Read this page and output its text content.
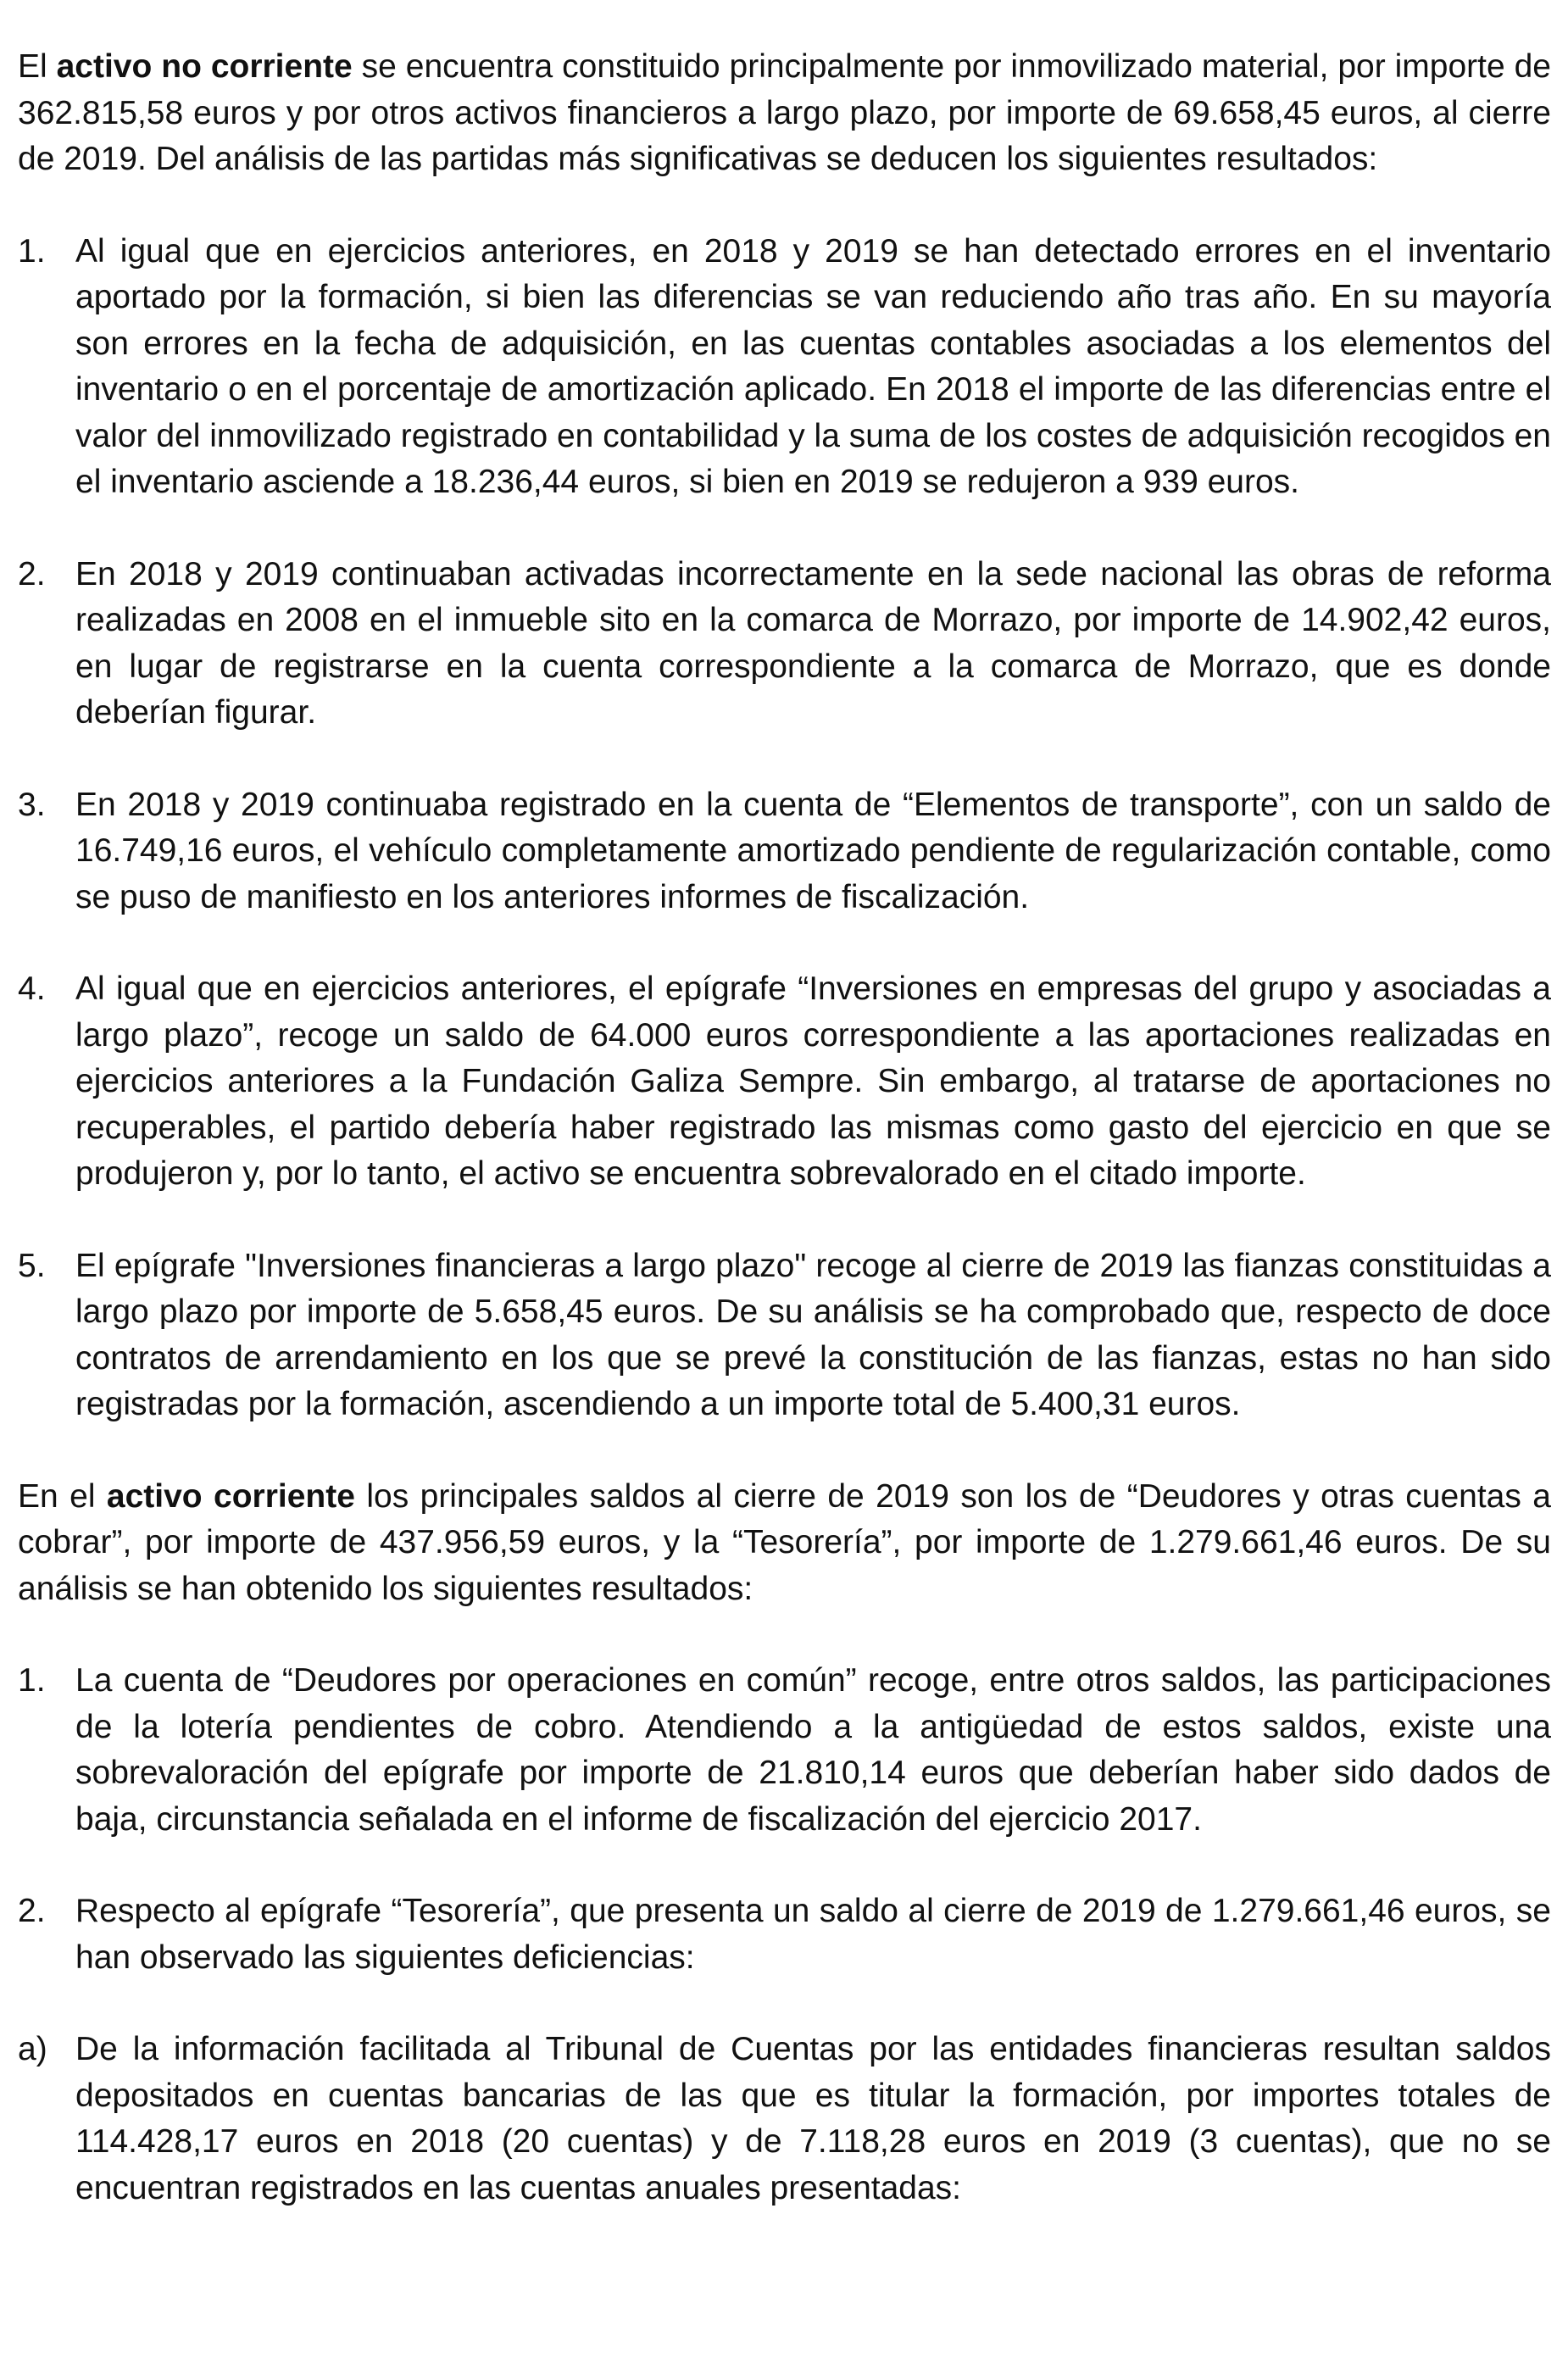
El activo no corriente se encuentra constituido principalmente por inmovilizado material, por importe de 362.815,58 euros y por otros activos financieros a largo plazo, por importe de 69.658,45 euros, al cierre de 2019. Del análisis de las partidas más significativas se deducen los siguientes resultados:

1. Al igual que en ejercicios anteriores, en 2018 y 2019 se han detectado errores en el inventario aportado por la formación, si bien las diferencias se van reduciendo año tras año. En su mayoría son errores en la fecha de adquisición, en las cuentas contables asociadas a los elementos del inventario o en el porcentaje de amortización aplicado. En 2018 el importe de las diferencias entre el valor del inmovilizado registrado en contabilidad y la suma de los costes de adquisición recogidos en el inventario asciende a 18.236,44 euros, si bien en 2019 se redujeron a 939 euros.
2. En 2018 y 2019 continuaban activadas incorrectamente en la sede nacional las obras de reforma realizadas en 2008 en el inmueble sito en la comarca de Morrazo, por importe de 14.902,42 euros, en lugar de registrarse en la cuenta correspondiente a la comarca de Morrazo, que es donde deberían figurar.
3. En 2018 y 2019 continuaba registrado en la cuenta de “Elementos de transporte”, con un saldo de 16.749,16 euros, el vehículo completamente amortizado pendiente de regularización contable, como se puso de manifiesto en los anteriores informes de fiscalización.
4. Al igual que en ejercicios anteriores, el epígrafe “Inversiones en empresas del grupo y asociadas a largo plazo”, recoge un saldo de 64.000 euros correspondiente a las aportaciones realizadas en ejercicios anteriores a la Fundación Galiza Sempre. Sin embargo, al tratarse de aportaciones no recuperables, el partido debería haber registrado las mismas como gasto del ejercicio en que se produjeron y, por lo tanto, el activo se encuentra sobrevalorado en el citado importe.
5. El epígrafe "Inversiones financieras a largo plazo" recoge al cierre de 2019 las fianzas constituidas a largo plazo por importe de 5.658,45 euros. De su análisis se ha comprobado que, respecto de doce contratos de arrendamiento en los que se prevé la constitución de las fianzas, estas no han sido registradas por la formación, ascendiendo a un importe total de 5.400,31 euros.

En el activo corriente los principales saldos al cierre de 2019 son los de “Deudores y otras cuentas a cobrar”, por importe de 437.956,59 euros, y la “Tesorería”, por importe de 1.279.661,46 euros. De su análisis se han obtenido los siguientes resultados:

1. La cuenta de “Deudores por operaciones en común” recoge, entre otros saldos, las participaciones de la lotería pendientes de cobro. Atendiendo a la antigüedad de estos saldos, existe una sobrevaloración del epígrafe por importe de 21.810,14 euros que deberían haber sido dados de baja, circunstancia señalada en el informe de fiscalización del ejercicio 2017.
2. Respecto al epígrafe “Tesorería”, que presenta un saldo al cierre de 2019 de 1.279.661,46 euros, se han observado las siguientes deficiencias:
a) De la información facilitada al Tribunal de Cuentas por las entidades financieras resultan saldos depositados en cuentas bancarias de las que es titular la formación, por importes totales de 114.428,17 euros en 2018 (20 cuentas) y de 7.118,28 euros en 2019 (3 cuentas), que no se encuentran registrados en las cuentas anuales presentadas:
